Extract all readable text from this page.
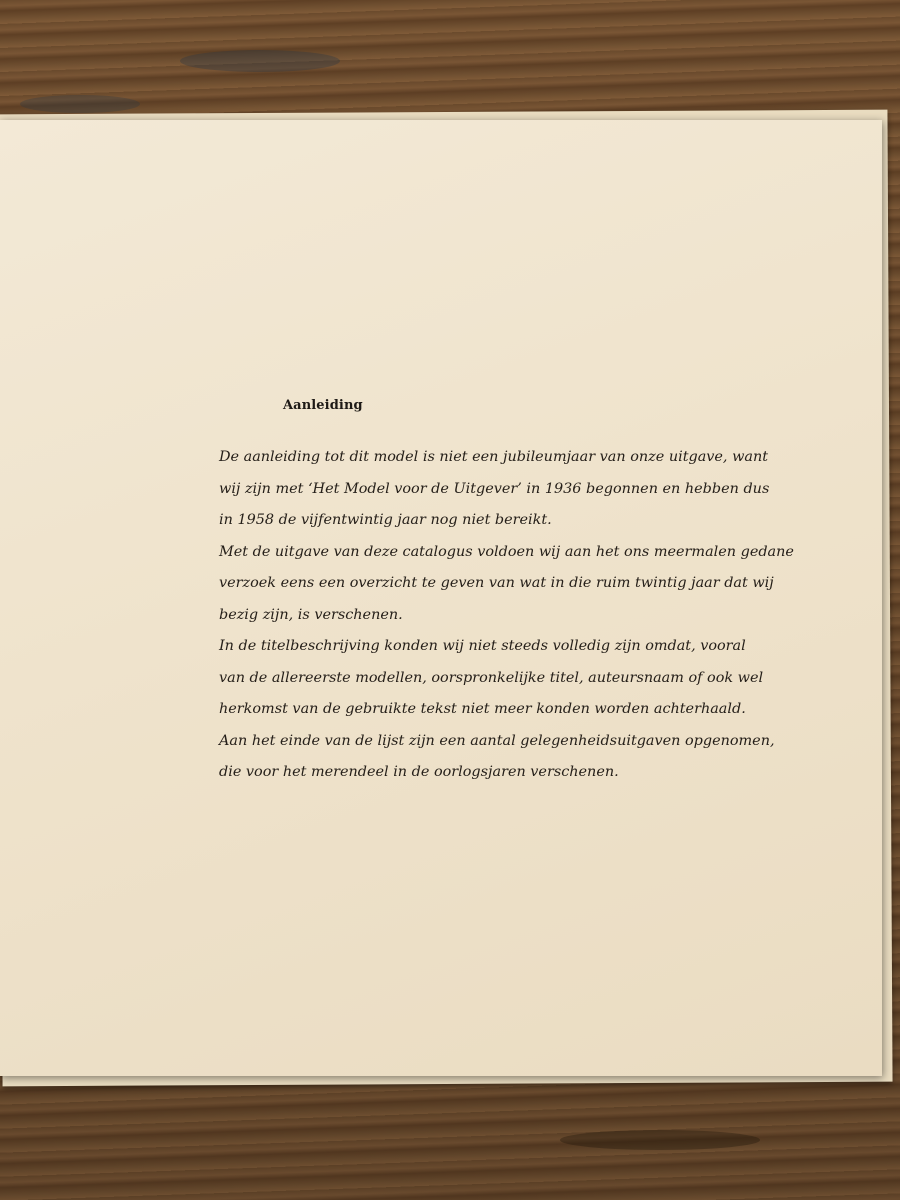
Aanleiding

De aanleiding tot dit model is niet een jubileumjaar van onze uitgave, want
wij zijn met ‘Het Model voor de Uitgever’ in 1936 begonnen en hebben dus
in 1958 de vijfentwintig jaar nog niet bereikt.
Met de uitgave van deze catalogus voldoen wij aan het ons meermalen gedane
verzoek eens een overzicht te geven van wat in die ruim twintig jaar dat wij
bezig zijn, is verschenen.
In de titelbeschrijving konden wij niet steeds volledig zijn omdat, vooral
van de allereerste modellen, oorspronkelijke titel, auteursnaam of ook wel
herkomst van de gebruikte tekst niet meer konden worden achterhaald.
Aan het einde van de lijst zijn een aantal gelegenheidsuitgaven opgenomen,
die voor het merendeel in de oorlogsjaren verschenen.
